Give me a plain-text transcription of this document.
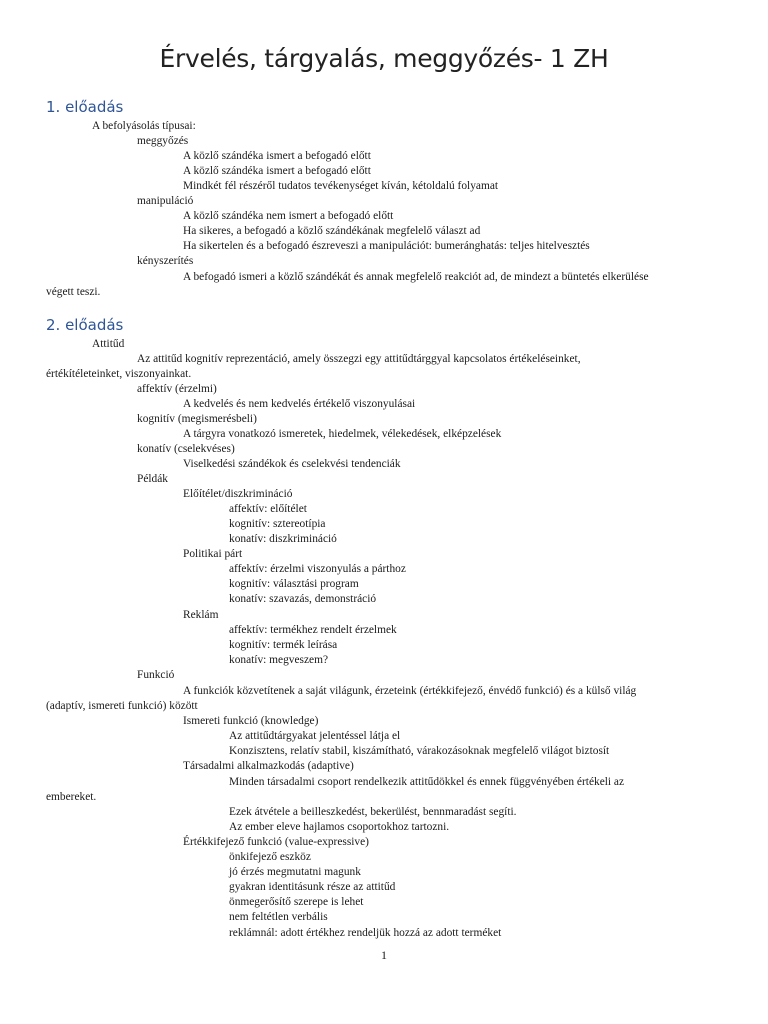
Érvelés, tárgyalás, meggyőzés- 1 ZH
1. előadás
A befolyásolás típusai:
meggyőzés
A közlő szándéka ismert a befogadó előtt
A közlő szándéka ismert a befogadó előtt
Mindkét fél részéről tudatos tevékenységet kíván, kétoldalú folyamat
manipuláció
A közlő szándéka nem ismert a befogadó előtt
Ha sikeres, a befogadó a közlő szándékának megfelelő választ ad
Ha sikertelen és a befogadó észreveszi a manipulációt: bumeránghatás: teljes hitelvesztés
kényszerítés
A befogadó ismeri a közlő szándékát és annak megfelelő reakciót ad, de mindezt a büntetés elkerülése
végett teszi.
2. előadás
Attitűd
Az attitűd kognitív reprezentáció, amely összegzi egy attitűdtárggyal kapcsolatos értékeléseinket,
értékítéleteinket, viszonyainkat.
affektív (érzelmi)
A kedvelés és nem kedvelés értékelő viszonyulásai
kognitív (megismerésbeli)
A tárgyra vonatkozó ismeretek, hiedelmek, vélekedések, elképzelések
konatív (cselekvéses)
Viselkedési szándékok és cselekvési tendenciák
Példák
Előítélet/diszkrimináció
affektív: előítélet
kognitív: sztereotípia
konatív: diszkrimináció
Politikai párt
affektív: érzelmi viszonyulás a párthoz
kognitív: választási program
konatív: szavazás, demonstráció
Reklám
affektív: termékhez rendelt érzelmek
kognitív: termék leírása
konatív: megveszem?
Funkció
A funkciók közvetítenek a saját világunk, érzeteink (értékkifejező, énvédő funkció) és a külső világ
(adaptív, ismereti funkció) között
Ismereti funkció (knowledge)
Az attitűdtárgyakat jelentéssel látja el
Konzisztens, relatív stabil, kiszámítható, várakozásoknak megfelelő világot biztosít
Társadalmi alkalmazkodás (adaptive)
Minden társadalmi csoport rendelkezik attitűdökkel és ennek függvényében értékeli az
embereket.
Ezek átvétele a beilleszkedést, bekerülést, bennmaradást segíti.
Az ember eleve hajlamos csoportokhoz tartozni.
Értékkifejező funkció (value-expressive)
önkifejező eszköz
jó érzés megmutatni magunk
gyakran identitásunk része az attitűd
önmegerősítő szerepe is lehet
nem feltétlen verbális
reklámnál: adott értékhez rendeljük hozzá az adott terméket
1
